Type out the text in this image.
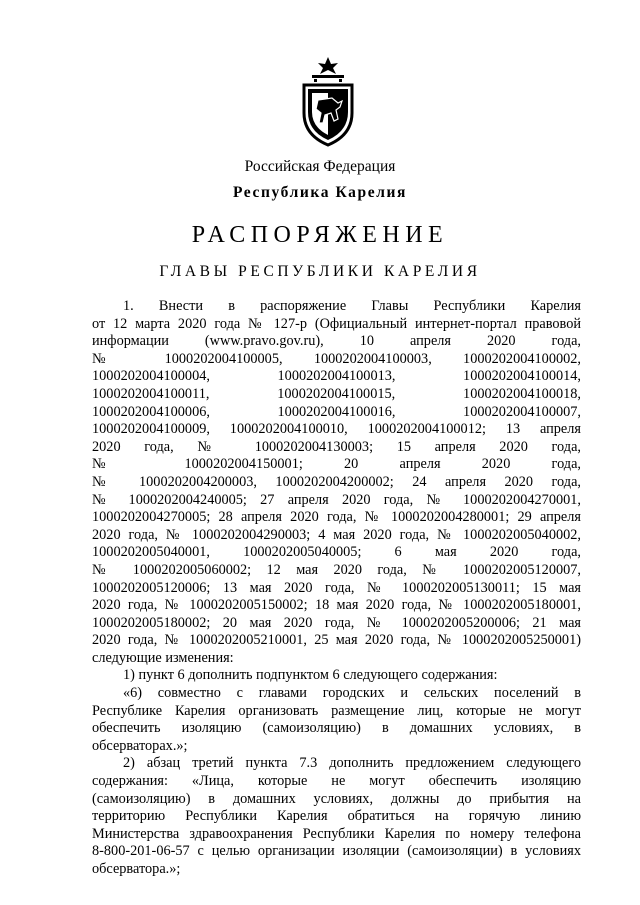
Российская Федерация
Республика Карелия
РАСПОРЯЖЕНИЕ
ГЛАВЫ РЕСПУБЛИКИ КАРЕЛИЯ
1. Внести в распоряжение Главы Республики Карелия
от 12 марта 2020 года № 127-р (Официальный интернет-портал правовой
информации (www.pravo.gov.ru), 10 апреля 2020 года,
№ 1000202004100005, 1000202004100003, 1000202004100002,
1000202004100004, 1000202004100013, 1000202004100014,
1000202004100011, 1000202004100015, 1000202004100018,
1000202004100006, 1000202004100016, 1000202004100007,
1000202004100009, 1000202004100010, 1000202004100012; 13 апреля
2020 года, № 1000202004130003; 15 апреля 2020 года,
№ 1000202004150001; 20 апреля 2020 года,
№ 1000202004200003, 1000202004200002; 24 апреля 2020 года,
№ 1000202004240005; 27 апреля 2020 года, № 1000202004270001,
1000202004270005; 28 апреля 2020 года, № 1000202004280001; 29 апреля
2020 года, № 1000202004290003; 4 мая 2020 года, № 1000202005040002,
1000202005040001, 1000202005040005; 6 мая 2020 года,
№ 1000202005060002; 12 мая 2020 года, № 1000202005120007,
1000202005120006; 13 мая 2020 года, № 1000202005130011; 15 мая
2020 года, № 1000202005150002; 18 мая 2020 года, № 1000202005180001,
1000202005180002; 20 мая 2020 года, № 1000202005200006; 21 мая
2020 года, № 1000202005210001, 25 мая 2020 года, № 1000202005250001)
следующие изменения:
1) пункт 6 дополнить подпунктом 6 следующего содержания:
«6) совместно с главами городских и сельских поселений в
Республике Карелия организовать размещение лиц, которые не могут
обеспечить изоляцию (самоизоляцию) в домашних условиях, в
обсерваторах.»;
2) абзац третий пункта 7.3 дополнить предложением следующего
содержания: «Лица, которые не могут обеспечить изоляцию
(самоизоляцию) в домашних условиях, должны до прибытия на
территорию Республики Карелия обратиться на горячую линию
Министерства здравоохранения Республики Карелия по номеру телефона
8-800-201-06-57 с целью организации изоляции (самоизоляции) в условиях
обсерватора.»;
